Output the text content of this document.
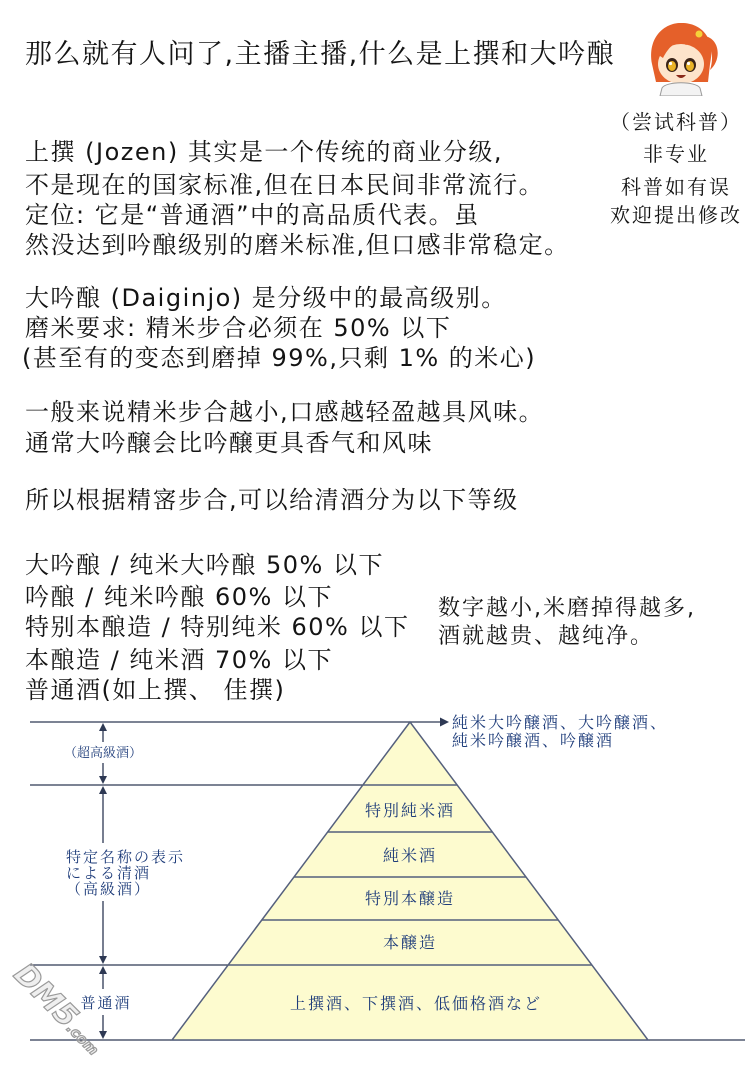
那么就有人问了,主播主播,什么是上撰和大吟酿
（尝试科普）
非专业
科普如有误
欢迎提出修改
上撰 (Jozen) 其实是一个传统的商业分级,
不是现在的国家标准,但在日本民间非常流行。
定位: 它是“普通酒”中的高品质代表。虽
然没达到吟酿级别的磨米标准,但口感非常稳定。
大吟酿 (Daiginjo) 是分级中的最高级别。
磨米要求: 精米步合必须在 50% 以下
(甚至有的变态到磨掉 99%,只剩 1% 的米心)
一般来说精米步合越小,口感越轻盈越具风味。
通常大吟醸会比吟醸更具香气和风味
所以根据精宻步合,可以给清酒分为以下等级
大吟酿 / 纯米大吟酿 50% 以下
吟酿 / 纯米吟酿 60% 以下
特别本酿造 / 特别纯米 60% 以下
本酿造 / 纯米酒 70% 以下
普通酒(如上撰、 佳撰)
数字越小,米磨掉得越多,
酒就越贵、越纯净。
純米大吟醸酒、大吟醸酒、
純米吟醸酒、吟醸酒
特別純米酒
純米酒
特別本醸造
本醸造
上撰酒、下撰酒、低価格酒など
（超高級酒）
特定名称の表示
による清酒
（高級酒）
普通酒
DM5.com
